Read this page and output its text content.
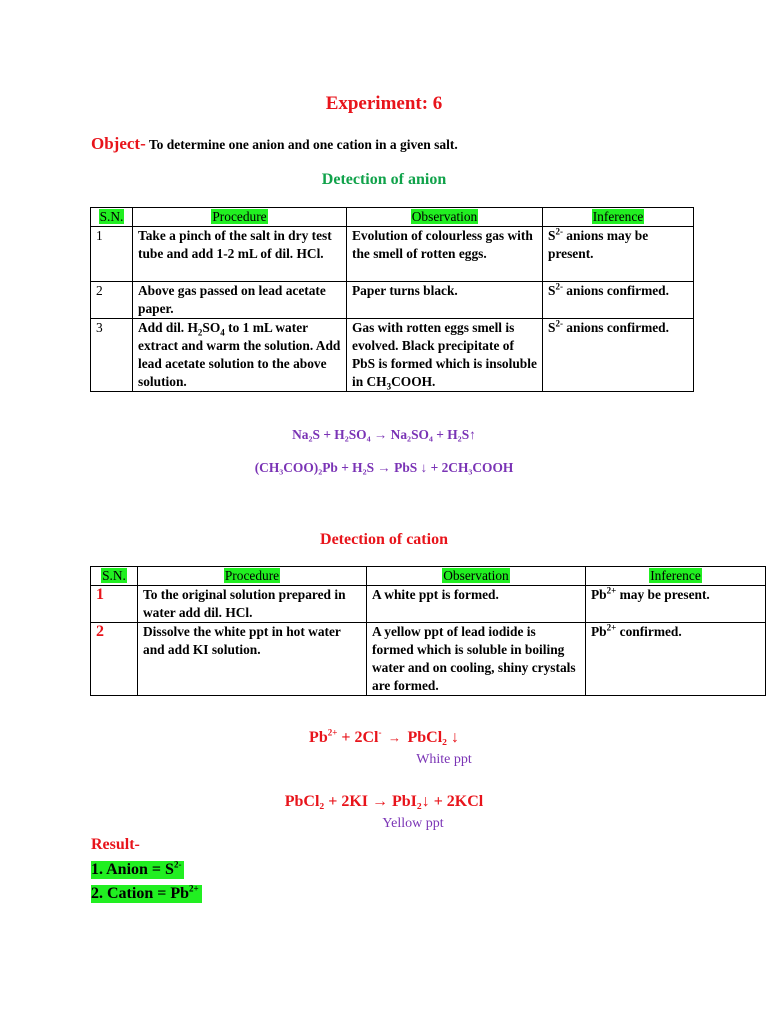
Experiment: 6
Object- To determine one anion and one cation in a given salt.
Detection of anion
S.N.	Procedure	Observation	Inference
1	Take a pinch of the salt in dry test tube and add 1-2 mL of dil. HCl.	Evolution of colourless gas with the smell of rotten eggs.	$S^{2-}$ anions may be present.
2	Above gas passed on lead acetate paper.	Paper turns black.	$S^{2-}$ anions confirmed.
3	Add dil. $H_2SO_4$ to 1 mL water extract and warm the solution. Add lead acetate solution to the above solution.	Gas with rotten eggs smell is evolved. Black precipitate of PbS is formed which is insoluble in $CH_3COOH$.	$S^{2-}$ anions confirmed.
Na₂S + H₂SO₄ → Na₂SO₄ + H₂S↑
(CH₃COO)₂Pb + H₂S → PbS ↓ + 2CH₃COOH
Detection of cation
S.N.	Procedure	Observation	Inference
1	To the original solution prepared in water add dil. HCl.	A white ppt is formed.	$Pb^{2+}$ may be present.
2	Dissolve the white ppt in hot water and add KI solution.	A yellow ppt of lead iodide is formed which is soluble in boiling water and on cooling, shiny crystals are formed.	$Pb^{2+}$ confirmed.
$Pb^{2+} + 2Cl^-$  →  PbCl₂ ↓
White ppt
PbCl₂ + 2KI → PbI₂↓ + 2KCl
Yellow ppt
Result-
1. Anion = $S^{2-}$
2. Cation = $Pb^{2+}$
